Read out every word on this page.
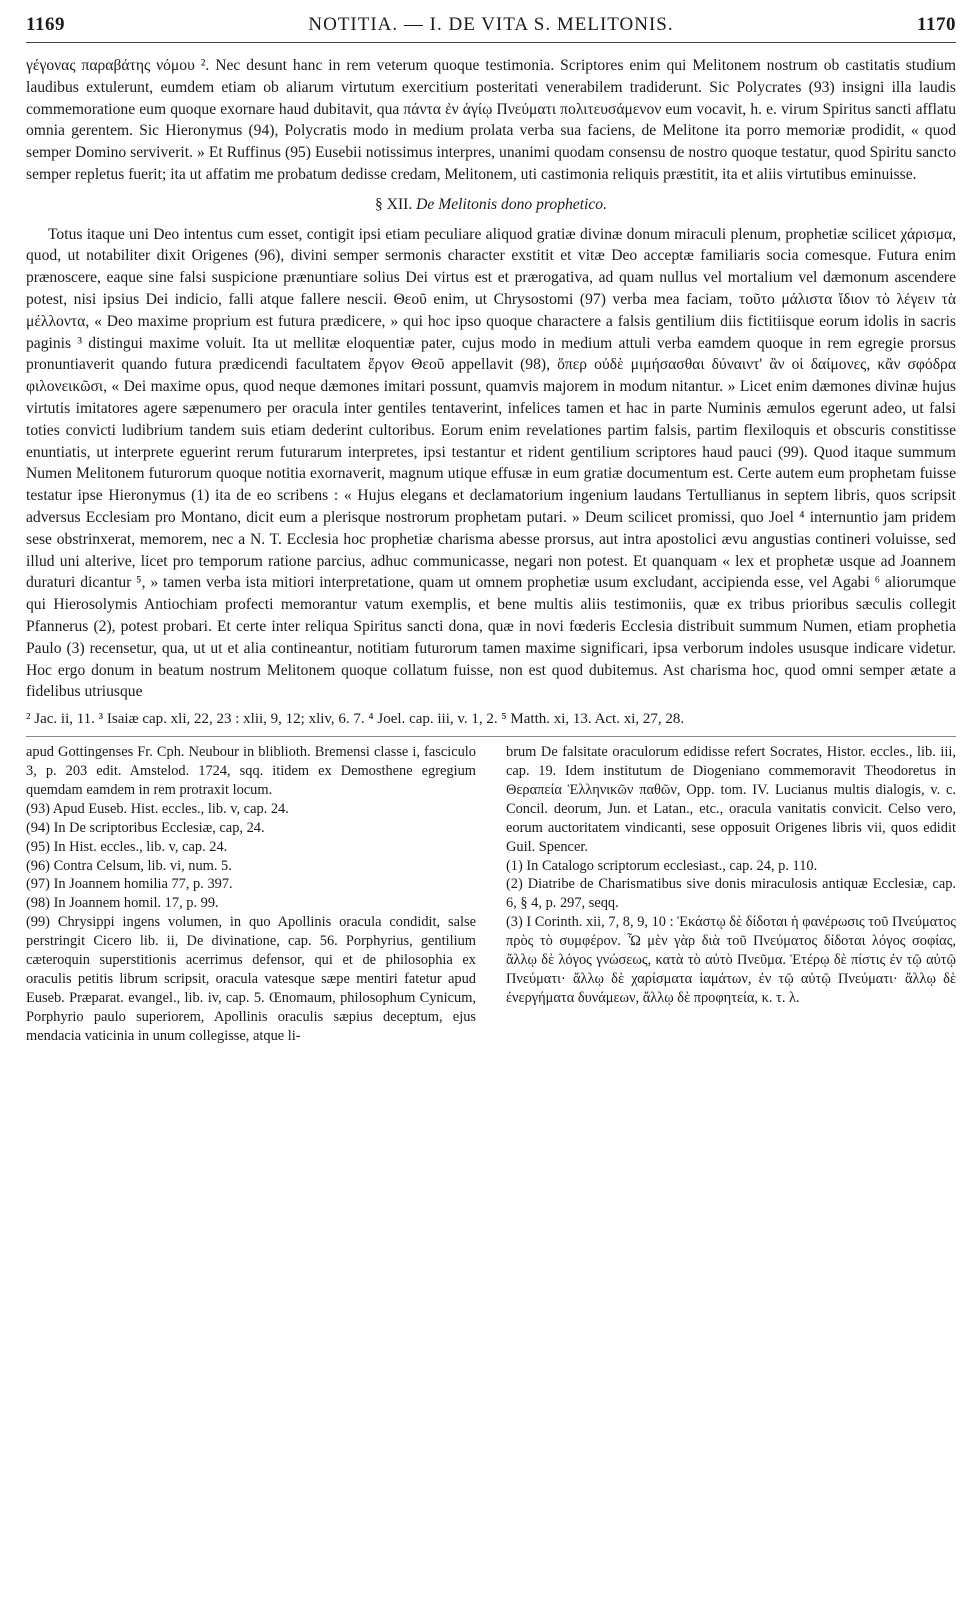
1169	NOTITIA. — I. DE VITA S. MELITONIS.	1170

γέγονας παραβάτης νόμου ². Nec desunt hanc in rem veterum quoque testimonia. Scriptores enim qui Melitonem nostrum ob castitatis studium laudibus extulerunt, eumdem etiam ob aliarum virtutum exercitium posteritati venerabilem tradiderunt. Sic Polycrates (93) insigni illa laudis commemoratione eum quoque exornare haud dubitavit, qua πάντα ἐν ἁγίῳ Πνεύματι πολιτευσάμενον eum vocavit, h. e. virum Spiritus sancti afflatu omnia gerentem. Sic Hieronymus (94), Polycratis modo in medium prolata verba sua faciens, de Melitone ita porro memoriæ prodidit, « quod semper Domino serviverit. » Et Ruffinus (95) Eusebii notissimus interpres, unanimi quodam consensu de nostro quoque testatur, quod Spiritu sancto semper repletus fuerit; ita ut affatim me probatum dedisse credam, Melitonem, uti castimonia reliquis præstitit, ita et aliis virtutibus eminuisse.

§ XII. De Melitonis dono prophetico.

Totus itaque uni Deo intentus cum esset, contigit ipsi etiam peculiare aliquod gratiæ divinæ donum miraculi plenum, prophetiæ scilicet χάρισμα, quod, ut notabiliter dixit Origenes (96), divini semper sermonis character exstitit et vitæ Deo acceptæ familiaris socia comesque. Futura enim prænoscere, eaque sine falsi suspicione prænuntiare solius Dei virtus est et prærogativa, ad quam nullus vel mortalium vel dæmonum ascendere potest, nisi ipsius Dei indicio, falli atque fallere nescii. Θεοῦ enim, ut Chrysostomi (97) verba mea faciam, τοῦτο μάλιστα ἴδιον τὸ λέγειν τὰ μέλλοντα, « Deo maxime proprium est futura prædicere, » qui hoc ipso quoque charactere a falsis gentilium diis fictitiisque eorum idolis in sacris paginis ³ distingui maxime voluit. Ita ut mellitæ eloquentiæ pater, cujus modo in medium attuli verba eamdem quoque in rem egregie prorsus pronuntiaverit quando futura prædicendi facultatem ἔργον Θεοῦ appellavit (98), ὅπερ οὐδὲ μιμήσασθαι δύναιντ' ἂν οἱ δαίμονες, κἂν σφόδρα φιλονεικῶσι, « Dei maxime opus, quod neque dæmones imitari possunt, quamvis majorem in modum nitantur. » Licet enim dæmones divinæ hujus virtutis imitatores agere sæpenumero per oracula inter gentiles tentaverint, infelices tamen et hac in parte Numinis æmulos egerunt adeo, ut falsi toties convicti ludibrium tandem suis etiam dederint cultoribus. Eorum enim revelationes partim falsis, partim flexiloquis et obscuris constitisse enuntiatis, ut interprete eguerint rerum futurarum interpretes, ipsi testantur et rident gentilium scriptores haud pauci (99). Quod itaque summum Numen Melitonem futurorum quoque notitia exornaverit, magnum utique effusæ in eum gratiæ documentum est. Certe autem eum prophetam fuisse testatur ipse Hieronymus (1) ita de eo scribens : « Hujus elegans et declamatorium ingenium laudans Tertullianus in septem libris, quos scripsit adversus Ecclesiam pro Montano, dicit eum a plerisque nostrorum prophetam putari. » Deum scilicet promissi, quo Joel ⁴ internuntio jam pridem sese obstrinxerat, memorem, nec a N. T. Ecclesia hoc prophetiæ charisma abesse prorsus, aut intra apostolici ævu angustias contineri voluisse, sed illud uni alterive, licet pro temporum ratione parcius, adhuc communicasse, negari non potest. Et quanquam « lex et prophetæ usque ad Joannem duraturi dicantur ⁵, » tamen verba ista mitiori interpretatione, quam ut omnem prophetiæ usum excludant, accipienda esse, vel Agabi ⁶ aliorumque qui Hierosolymis Antiochiam profecti memorantur vatum exemplis, et bene multis aliis testimoniis, quæ ex tribus prioribus sæculis collegit Pfannerus (2), potest probari. Et certe inter reliqua Spiritus sancti dona, quæ in novi fœderis Ecclesia distribuit summum Numen, etiam prophetia Paulo (3) recensetur, qua, ut ut et alia contineantur, notitiam futurorum tamen maxime significari, ipsa verborum indoles ususque indicare videtur. Hoc ergo donum in beatum nostrum Melitonem quoque collatum fuisse, non est quod dubitemus. Ast charisma hoc, quod omni semper ætate a fidelibus utriusque

² Jac. ii, 11. ³ Isaiæ cap. xli, 22, 23 : xlii, 9, 12; xliv, 6. 7. ⁴ Joel. cap. iii, v. 1, 2. ⁵ Matth. xi, 13. Act. xi, 27, 28.

apud Gottingenses Fr. Cph. Neubour in bliblioth. Bremensi classe i, fasciculo 3, p. 203 edit. Amstelod. 1724, sqq. itidem ex Demosthene egregium quemdam eamdem in rem protraxit locum.

(93) Apud Euseb. Hist. eccles., lib. v, cap. 24.

(94) In De scriptoribus Ecclesiæ, cap, 24.

(95) In Hist. eccles., lib. v, cap. 24.

(96) Contra Celsum, lib. vi, num. 5.

(97) In Joannem homilia 77, p. 397.

(98) In Joannem homil. 17, p. 99.

(99) Chrysippi ingens volumen, in quo Apollinis oracula condidit, salse perstringit Cicero lib. ii, De divinatione, cap. 56. Porphyrius, gentilium cæteroquin superstitionis acerrimus defensor, qui et de philosophia ex oraculis petitis librum scripsit, oracula vatesque sæpe mentiri fatetur apud Euseb. Præparat. evangel., lib. iv, cap. 5. Œnomaum, philosophum Cynicum, Porphyrio paulo superiorem, Apollinis oraculis sæpius deceptum, ejus mendacia vaticinia in unum collegisse, atque li-

brum De falsitate oraculorum edidisse refert Socrates, Histor. eccles., lib. iii, cap. 19. Idem institutum de Diogeniano commemoravit Theodoretus in Θεραπεία Ἑλληνικῶν παθῶν, Opp. tom. IV. Lucianus multis dialogis, v. c. Concil. deorum, Jun. et Latan., etc., oracula vanitatis convicit. Celso vero, eorum auctoritatem vindicanti, sese opposuit Origenes libris vii, quos edidit Guil. Spencer.

(1) In Catalogo scriptorum ecclesiast., cap. 24, p. 110.

(2) Diatribe de Charismatibus sive donis miraculosis antiquæ Ecclesiæ, cap. 6, § 4, p. 297, seqq.

(3) I Corinth. xii, 7, 8, 9, 10 : Ἑκάστῳ δὲ δίδοται ἡ φανέρωσις τοῦ Πνεύματος πρὸς τὸ συμφέρον. Ὧ μὲν γὰρ διὰ τοῦ Πνεύματος δίδοται λόγος σοφίας, ἄλλῳ δὲ λόγος γνώσεως, κατὰ τὸ αὐτὸ Πνεῦμα. Ἑτέρῳ δὲ πίστις ἐν τῷ αὐτῷ Πνεύματι· ἄλλῳ δὲ χαρίσματα ἰαμάτων, ἐν τῷ αὐτῷ Πνεύματι· ἄλλῳ δὲ ἐνεργήματα δυνάμεων, ἄλλῳ δὲ προφητεία, κ. τ. λ.
